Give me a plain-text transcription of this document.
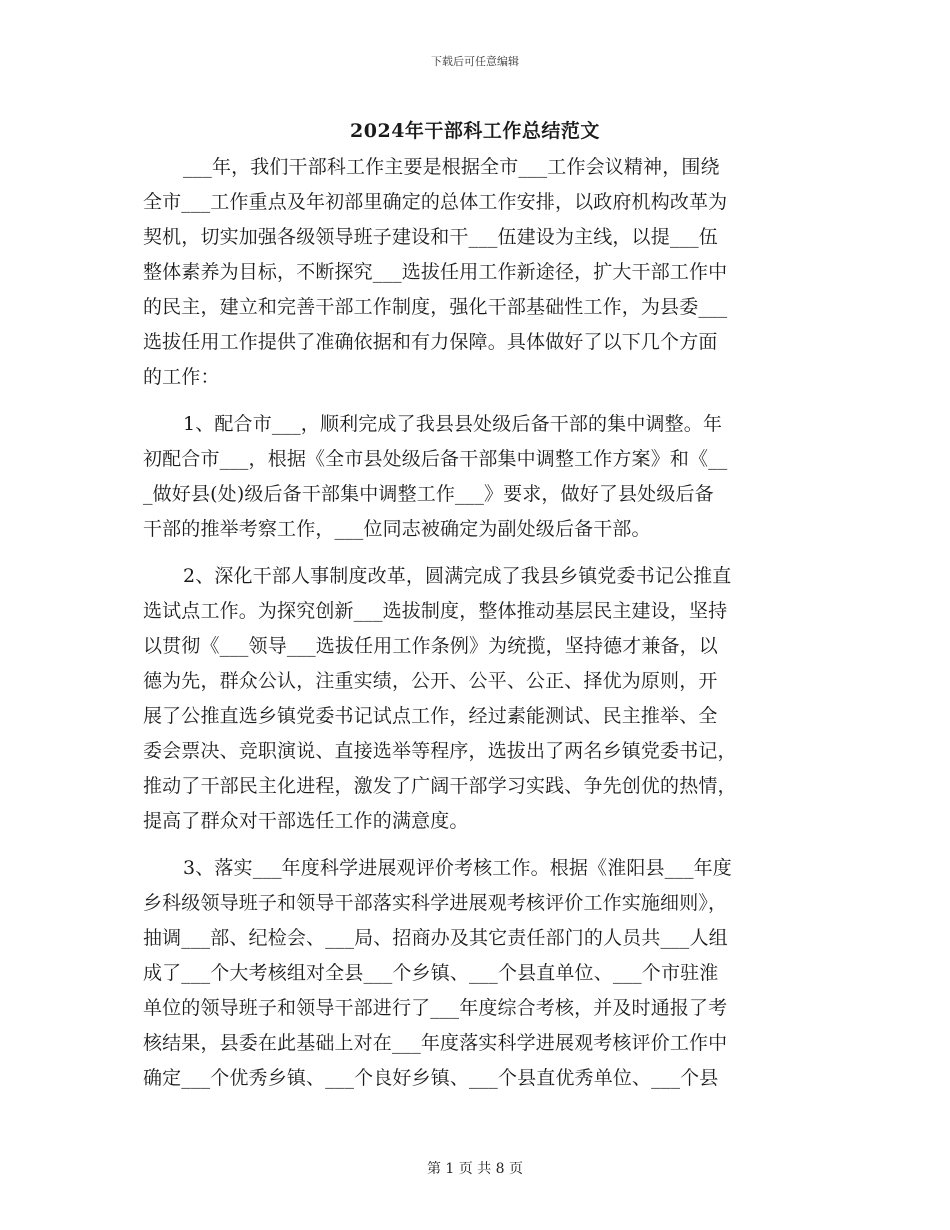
下载后可任意编辑
2024年干部科工作总结范文
___年，我们干部科工作主要是根据全市___工作会议精神，围绕
全市___工作重点及年初部里确定的总体工作安排，以政府机构改革为
契机，切实加强各级领导班子建设和干___伍建设为主线，以提___伍
整体素养为目标，不断探究___选拔任用工作新途径，扩大干部工作中
的民主，建立和完善干部工作制度，强化干部基础性工作，为县委___
选拔任用工作提供了准确依据和有力保障。具体做好了以下几个方面
的工作：
1、配合市___，顺利完成了我县县处级后备干部的集中调整。年
初配合市___，根据《全市县处级后备干部集中调整工作方案》和《__
_做好县(处)级后备干部集中调整工作___》要求，做好了县处级后备
干部的推举考察工作，___位同志被确定为副处级后备干部。
2、深化干部人事制度改革，圆满完成了我县乡镇党委书记公推直
选试点工作。为探究创新___选拔制度，整体推动基层民主建设，坚持
以贯彻《___领导___选拔任用工作条例》为统揽，坚持德才兼备，以
德为先，群众公认，注重实绩，公开、公平、公正、择优为原则，开
展了公推直选乡镇党委书记试点工作，经过素能测试、民主推举、全
委会票决、竞职演说、直接选举等程序，选拔出了两名乡镇党委书记，
推动了干部民主化进程，激发了广阔干部学习实践、争先创优的热情，
提高了群众对干部选任工作的满意度。
3、落实___年度科学进展观评价考核工作。根据《淮阳县___年度
乡科级领导班子和领导干部落实科学进展观考核评价工作实施细则》，
抽调___部、纪检会、___局、招商办及其它责任部门的人员共___人组
成了___个大考核组对全县___个乡镇、___个县直单位、___个市驻淮
单位的领导班子和领导干部进行了___年度综合考核，并及时通报了考
核结果，县委在此基础上对在___年度落实科学进展观考核评价工作中
确定___个优秀乡镇、___个良好乡镇、___个县直优秀单位、___个县
第 1 页 共 8 页
